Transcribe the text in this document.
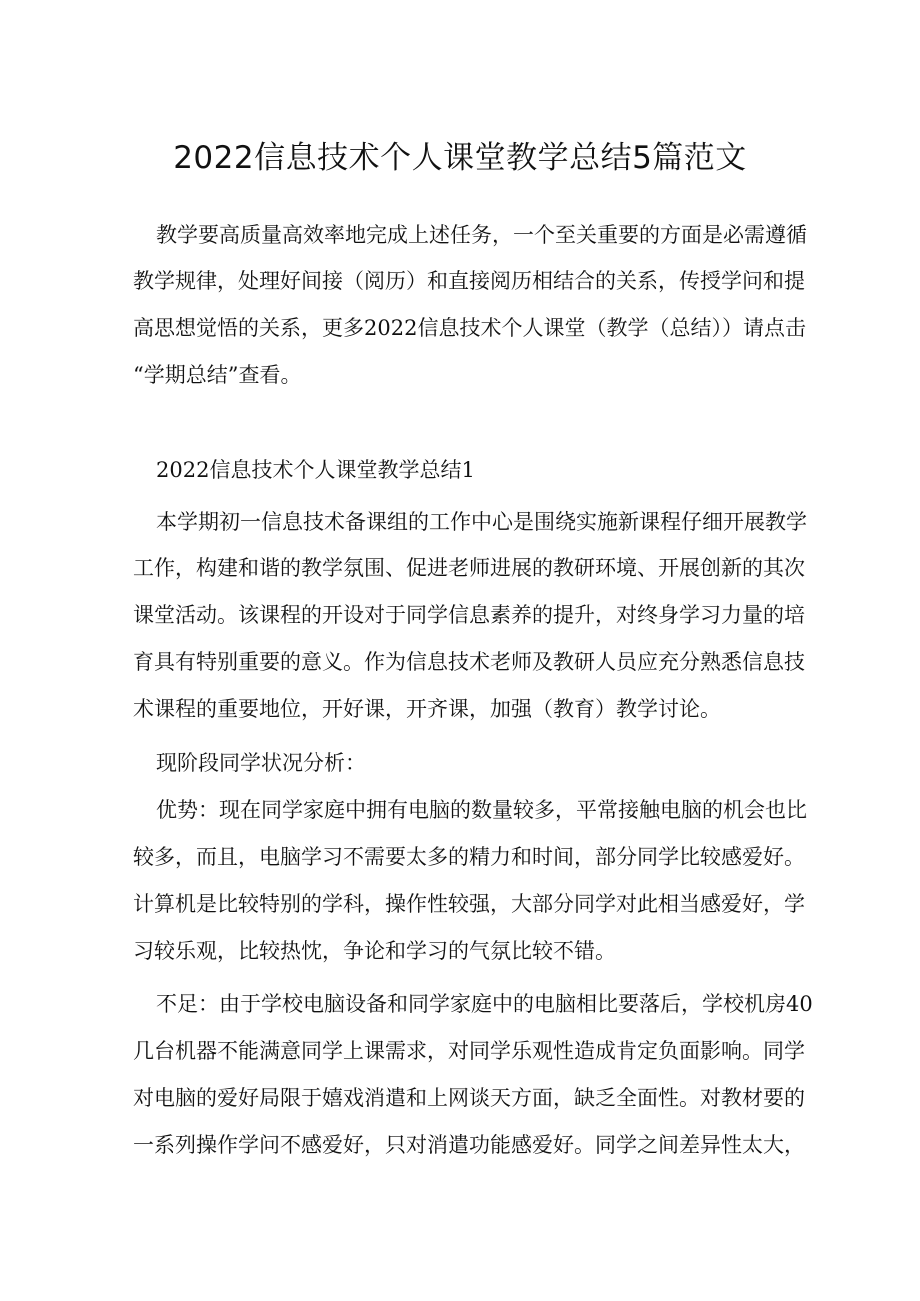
2022信息技术个人课堂教学总结5篇范文
教学要高质量高效率地完成上述任务，一个至关重要的方面是必需遵循
教学规律，处理好间接（阅历）和直接阅历相结合的关系，传授学问和提
高思想觉悟的关系，更多2022信息技术个人课堂（教学（总结））请点击
“学期总结”查看。
2022信息技术个人课堂教学总结1
本学期初一信息技术备课组的工作中心是围绕实施新课程仔细开展教学
工作，构建和谐的教学氛围、促进老师进展的教研环境、开展创新的其次
课堂活动。该课程的开设对于同学信息素养的提升，对终身学习力量的培
育具有特别重要的意义。作为信息技术老师及教研人员应充分熟悉信息技
术课程的重要地位，开好课，开齐课，加强（教育）教学讨论。
现阶段同学状况分析：
优势：现在同学家庭中拥有电脑的数量较多，平常接触电脑的机会也比
较多，而且，电脑学习不需要太多的精力和时间，部分同学比较感爱好。
计算机是比较特别的学科，操作性较强，大部分同学对此相当感爱好，学
习较乐观，比较热忱，争论和学习的气氛比较不错。
不足：由于学校电脑设备和同学家庭中的电脑相比要落后，学校机房40
几台机器不能满意同学上课需求，对同学乐观性造成肯定负面影响。同学
对电脑的爱好局限于嬉戏消遣和上网谈天方面，缺乏全面性。对教材要的
一系列操作学问不感爱好，只对消遣功能感爱好。同学之间差异性太大，
